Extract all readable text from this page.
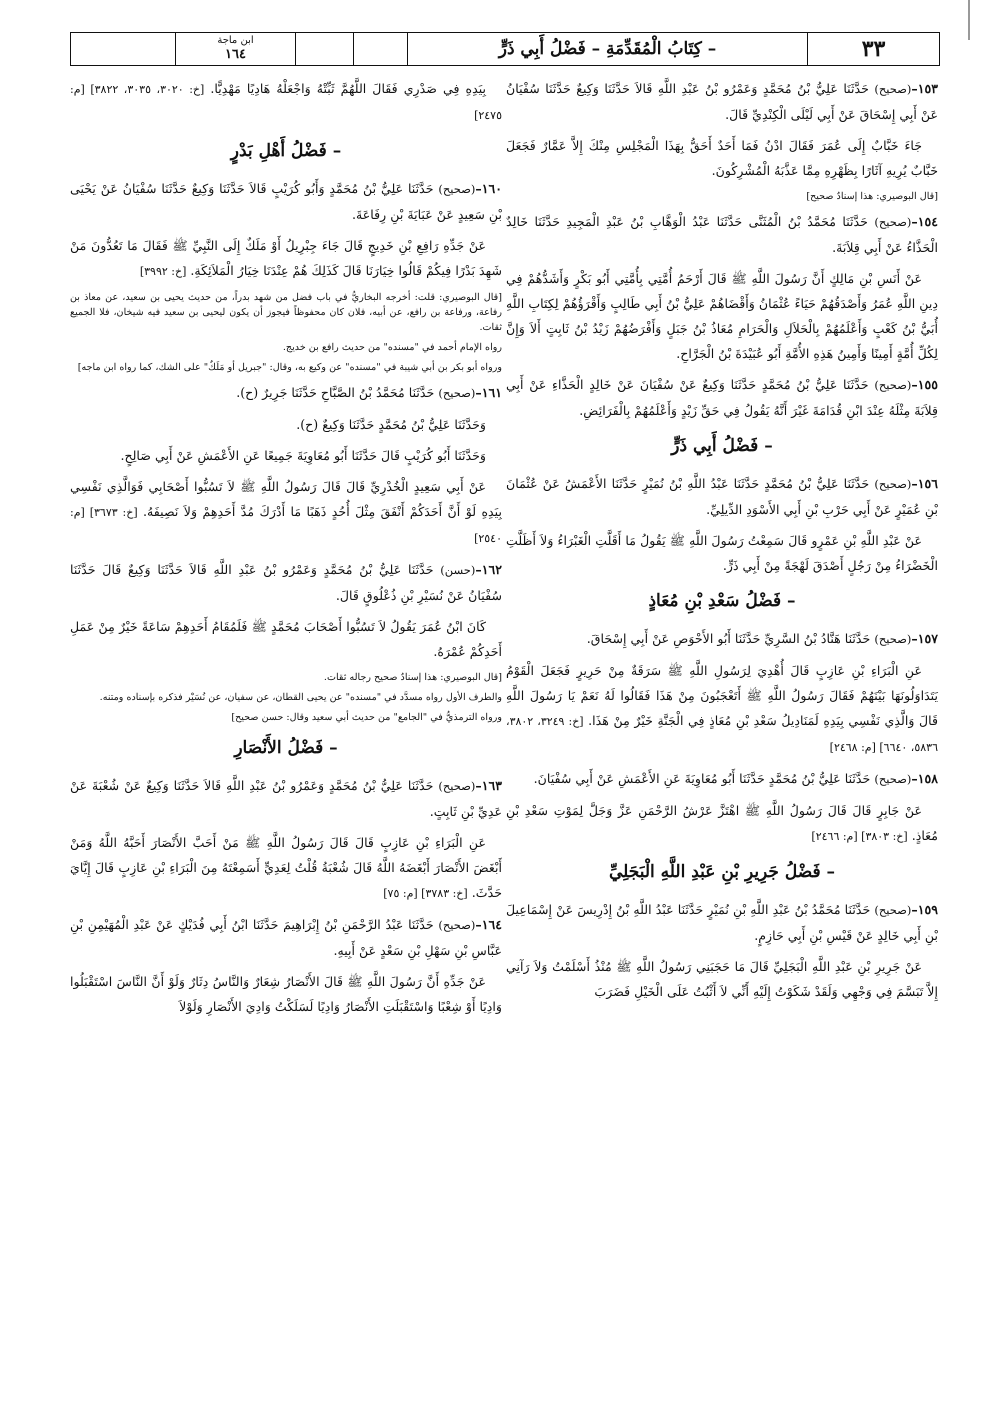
٣٣
– كِتَابُ الْمُقَدِّمَةِ – فَضْلُ أَبِي ذَرٍّ
ابن ماجة
١٦٤
١٥٣–(صحيح) حَدَّثَنَا عَلِيُّ بْنُ مُحَمَّدٍ وَعَمْرُو بْنُ عَبْدِ اللَّهِ قَالاَ حَدَّثَنَا وَكِيعٌ حَدَّثَنَا سُفْيَانُ عَنْ أَبِي إِسْحَاقَ عَنْ أَبِي لَيْلَى الْكِنْدِيِّ قَالَ.
جَاءَ خَبَّابٌ إِلَى عُمَرَ فَقَالَ ادْنُ فَمَا أَحَدٌ أَحَقُّ بِهَذَا الْمَجْلِسِ مِنْكَ إِلاَّ عَمَّارٌ فَجَعَلَ خَبَّابٌ يُرِيهِ آثَارًا بِظَهْرِهِ مِمَّا عَذَّبَهُ الْمُشْرِكُونَ.
[قال البوصيري: هذا إسنادٌ صحيح]
١٥٤–(صحيح) حَدَّثَنَا مُحَمَّدُ بْنُ الْمُثَنَّى حَدَّثَنَا عَبْدُ الْوَهَّابِ بْنُ عَبْدِ الْمَجِيدِ حَدَّثَنَا خَالِدٌ الْحَذَّاءُ عَنْ أَبِي قِلاَبَةَ.
عَنْ أَنَسِ بْنِ مَالِكٍ أَنَّ رَسُولَ اللَّهِ ﷺ قَالَ أَرْحَمُ أُمَّتِي بِأُمَّتِي أَبُو بَكْرٍ وَأَشَدُّهُمْ فِي دِينِ اللَّهِ عُمَرُ وَأَصْدَقُهُمْ حَيَاءً عُثْمَانُ وَأَقْضَاهُمْ عَلِيُّ بْنُ أَبِي طَالِبٍ وَأَقْرَؤُهُمْ لِكِتَابِ اللَّهِ أُبَيُّ بْنُ كَعْبٍ وَأَعْلَمُهُمْ بِالْحَلاَلِ وَالْحَرَامِ مُعَاذُ بْنُ جَبَلٍ وَأَفْرَضُهُمْ زَيْدُ بْنُ ثَابِتٍ أَلاَ وَإِنَّ لِكُلِّ أُمَّةٍ أَمِينًا وَأَمِينُ هَذِهِ الأُمَّةِ أَبُو عُبَيْدَةَ بْنُ الْجَرَّاحِ.
١٥٥–(صحيح) حَدَّثَنَا عَلِيُّ بْنُ مُحَمَّدٍ حَدَّثَنَا وَكِيعٌ عَنْ سُفْيَانَ عَنْ خَالِدٍ الْحَذَّاءِ عَنْ أَبِي قِلاَبَةَ مِثْلَهُ عِنْدَ ابْنِ قُدَامَةَ غَيْرَ أَنَّهُ يَقُولُ فِي حَقِّ زَيْدٍ وَأَعْلَمُهُمْ بِالْفَرَائِضِ.
– فَضْلُ أَبِي ذَرٍّ
١٥٦–(صحيح) حَدَّثَنَا عَلِيُّ بْنُ مُحَمَّدٍ حَدَّثَنَا عَبْدُ اللَّهِ بْنُ نُمَيْرٍ حَدَّثَنَا الأَعْمَشُ عَنْ عُثْمَانَ بْنِ عُمَيْرٍ عَنْ أَبِي حَرْبِ بْنِ أَبِي الأَسْوَدِ الدِّيلِيِّ.
عَنْ عَبْدِ اللَّهِ بْنِ عَمْرٍو قَالَ سَمِعْتُ رَسُولَ اللَّهِ ﷺ يَقُولُ مَا أَقَلَّتِ الْغَبْرَاءُ وَلاَ أَظَلَّتِ الْخَضْرَاءُ مِنْ رَجُلٍ أَصْدَقَ لَهْجَةً مِنْ أَبِي ذَرٍّ.
– فَضْلُ سَعْدِ بْنِ مُعَاذٍ
١٥٧–(صحيح) حَدَّثَنَا هَنَّادُ بْنُ السَّرِيِّ حَدَّثَنَا أَبُو الأَحْوَصِ عَنْ أَبِي إِسْحَاقَ.
عَنِ الْبَرَاءِ بْنِ عَازِبٍ قَالَ أُهْدِيَ لِرَسُولِ اللَّهِ ﷺ سَرَقَةٌ مِنْ حَرِيرٍ فَجَعَلَ الْقَوْمُ يَتَدَاوَلُونَهَا بَيْنَهُمْ فَقَالَ رَسُولُ اللَّهِ ﷺ أَتَعْجَبُونَ مِنْ هَذَا فَقَالُوا لَهُ نَعَمْ يَا رَسُولَ اللَّهِ قَالَ وَالَّذِي نَفْسِي بِيَدِهِ لَمَنَادِيلُ سَعْدِ بْنِ مُعَاذٍ فِي الْجَنَّةِ خَيْرٌ مِنْ هَذَا. [خ: ٣٢٤٩، ٣٨٠٢، ٥٨٣٦، ٦٦٤٠] [م: ٢٤٦٨]
١٥٨–(صحيح) حَدَّثَنَا عَلِيُّ بْنُ مُحَمَّدٍ حَدَّثَنَا أَبُو مُعَاوِيَةَ عَنِ الأَعْمَشِ عَنْ أَبِي سُفْيَانَ.
عَنْ جَابِرٍ قَالَ قَالَ رَسُولُ اللَّهِ ﷺ اهْتَزَّ عَرْشُ الرَّحْمَنِ عَزَّ وَجَلَّ لِمَوْتِ سَعْدِ بْنِ مُعَاذٍ. [خ: ٣٨٠٣] [م: ٢٤٦٦]
– فَضْلُ جَرِيرِ بْنِ عَبْدِ اللَّهِ الْبَجَلِيِّ
١٥٩–(صحيح) حَدَّثَنَا مُحَمَّدُ بْنُ عَبْدِ اللَّهِ بْنِ نُمَيْرٍ حَدَّثَنَا عَبْدُ اللَّهِ بْنُ إِدْرِيسَ عَنْ إِسْمَاعِيلَ بْنِ أَبِي خَالِدٍ عَنْ قَيْسِ بْنِ أَبِي حَازِمٍ.
عَنْ جَرِيرِ بْنِ عَبْدِ اللَّهِ الْبَجَلِيِّ قَالَ مَا حَجَبَنِي رَسُولُ اللَّهِ ﷺ مُنْذُ أَسْلَمْتُ وَلاَ رَآنِي إِلاَّ تَبَسَّمَ فِي وَجْهِي وَلَقَدْ شَكَوْتُ إِلَيْهِ أَنِّي لاَ أَثْبُتُ عَلَى الْخَيْلِ فَضَرَبَ
بِيَدِهِ فِي صَدْرِي فَقَالَ اللَّهُمَّ ثَبِّتْهُ وَاجْعَلْهُ هَادِيًا مَهْدِيًّا. [خ: ٣٠٢٠، ٣٠٣٥، ٣٨٢٢] [م: ٢٤٧٥]
– فَضْلُ أَهْلِ بَدْرٍ
١٦٠–(صحيح) حَدَّثَنَا عَلِيُّ بْنُ مُحَمَّدٍ وَأَبُو كُرَيْبٍ قَالاَ حَدَّثَنَا وَكِيعٌ حَدَّثَنَا سُفْيَانُ عَنْ يَحْيَى بْنِ سَعِيدٍ عَنْ عَبَايَةَ بْنِ رِفَاعَةَ.
عَنْ جَدِّهِ رَافِعِ بْنِ خَدِيجٍ قَالَ جَاءَ جِبْرِيلُ أَوْ مَلَكٌ إِلَى النَّبِيِّ ﷺ فَقَالَ مَا تَعُدُّونَ مَنْ شَهِدَ بَدْرًا فِيكُمْ قَالُوا خِيَارَنَا قَالَ كَذَلِكَ هُمْ عِنْدَنَا خِيَارُ الْمَلاَئِكَةِ. [خ: ٣٩٩٢]
[قال البوصيري: قلت: أخرجه البخاريُّ في باب فضل من شهد بدراً، من حديث يحيى بن سعيد، عن معاذ بن رفاعة، ورفاعة بن رافع، عن أبيه، فلان كان محفوظاً فيجوز أن يكون ليحيى بن سعيد فيه شيخان، فلا الجميع ثقات.
رواه الإمام أحمد في "مسنده" من حديث رافع بن خديج.
ورواه أبو بكر بن أبي شيبة في "مسنده" عن وكيع به، وقال: "جبريل أو مَلَكٌ" على الشك، كما رواه ابن ماجه]
١٦١–(صحيح) حَدَّثَنَا مُحَمَّدُ بْنُ الصَّبَّاحِ حَدَّثَنَا جَرِيرٌ (ح).
وَحَدَّثَنَا عَلِيُّ بْنُ مُحَمَّدٍ حَدَّثَنَا وَكِيعٌ (ح).
وَحَدَّثَنَا أَبُو كُرَيْبٍ قَالَ حَدَّثَنَا أَبُو مُعَاوِيَةَ جَمِيعًا عَنِ الأَعْمَشِ عَنْ أَبِي صَالِحٍ.
عَنْ أَبِي سَعِيدٍ الْخُدْرِيِّ قَالَ قَالَ رَسُولُ اللَّهِ ﷺ لاَ تَسُبُّوا أَصْحَابِي فَوَالَّذِي نَفْسِي بِيَدِهِ لَوْ أَنَّ أَحَدَكُمْ أَنْفَقَ مِثْلَ أُحُدٍ ذَهَبًا مَا أَدْرَكَ مُدَّ أَحَدِهِمْ وَلاَ نَصِيفَهُ. [خ: ٣٦٧٣] [م: ٢٥٤٠]
١٦٢–(حسن) حَدَّثَنَا عَلِيُّ بْنُ مُحَمَّدٍ وَعَمْرُو بْنُ عَبْدِ اللَّهِ قَالاَ حَدَّثَنَا وَكِيعٌ قَالَ حَدَّثَنَا سُفْيَانُ عَنْ نُسَيْرِ بْنِ ذُعْلُوقٍ قَالَ.
كَانَ ابْنُ عُمَرَ يَقُولُ لاَ تَسُبُّوا أَصْحَابَ مُحَمَّدٍ ﷺ فَلَمُقَامُ أَحَدِهِمْ سَاعَةً خَيْرٌ مِنْ عَمَلِ أَحَدِكُمْ عُمْرَهُ.
[قال البوصيري: هذا إسنادٌ صحيح رجاله ثقات.
والطرف الأول رواه مسدَّد في "مسنده" عن يحيى القطان، عن سفيان، عن نُسَيْر فذكره بإسناده ومتنه.
ورواه الترمذيُّ في "الجامع" من حديث أبي سعيد وقال: حسن صحيح]
– فَضْلُ الأَنْصَارِ
١٦٣–(صحيح) حَدَّثَنَا عَلِيُّ بْنُ مُحَمَّدٍ وَعَمْرُو بْنُ عَبْدِ اللَّهِ قَالاَ حَدَّثَنَا وَكِيعٌ عَنْ شُعْبَةَ عَنْ عَدِيِّ بْنِ ثَابِتٍ.
عَنِ الْبَرَاءِ بْنِ عَازِبٍ قَالَ قَالَ رَسُولُ اللَّهِ ﷺ مَنْ أَحَبَّ الأَنْصَارَ أَحَبَّهُ اللَّهُ وَمَنْ أَبْغَضَ الأَنْصَارَ أَبْغَضَهُ اللَّهُ قَالَ شُعْبَةُ قُلْتُ لِعَدِيٍّ أَسَمِعْتَهُ مِنَ الْبَرَاءِ بْنِ عَازِبٍ قَالَ إِيَّايَ حَدَّثَ. [خ: ٣٧٨٣] [م: ٧٥]
١٦٤–(صحيح) حَدَّثَنَا عَبْدُ الرَّحْمَنِ بْنُ إِبْرَاهِيمَ حَدَّثَنَا ابْنُ أَبِي فُدَيْكٍ عَنْ عَبْدِ الْمُهَيْمِنِ بْنِ عَبَّاسِ بْنِ سَهْلِ بْنِ سَعْدٍ عَنْ أَبِيهِ.
عَنْ جَدِّهِ أَنَّ رَسُولَ اللَّهِ ﷺ قَالَ الأَنْصَارُ شِعَارٌ وَالنَّاسُ دِثَارٌ وَلَوْ أَنَّ النَّاسَ اسْتَقْبَلُوا وَادِيًا أَوْ شِعْبًا وَاسْتَقْبَلَتِ الأَنْصَارُ وَادِيًا لَسَلَكْتُ وَادِيَ الأَنْصَارِ وَلَوْلاَ
